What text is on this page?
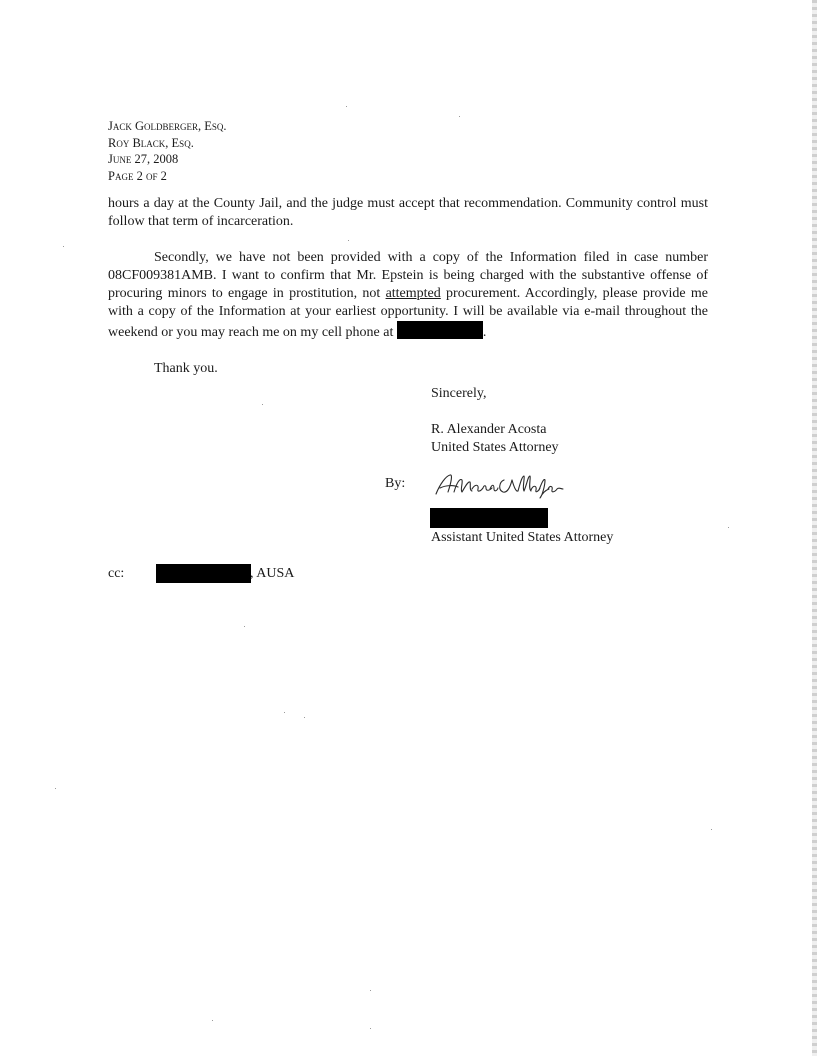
Jack Goldberger, Esq.
Roy Black, Esq.
June 27, 2008
Page 2 of 2

hours a day at the County Jail, and the judge must accept that recommendation. Community control must follow that term of incarceration.

Secondly, we have not been provided with a copy of the Information filed in case number 08CF009381AMB. I want to confirm that Mr. Epstein is being charged with the substantive offense of procuring minors to engage in prostitution, not attempted procurement. Accordingly, please provide me with a copy of the Information at your earliest opportunity. I will be available via e-mail throughout the weekend or you may reach me on my cell phone at	.

Thank you.

Sincerely,
R. Alexander Acosta
United States Attorney
By:
Assistant United States Attorney
cc:	, AUSA
